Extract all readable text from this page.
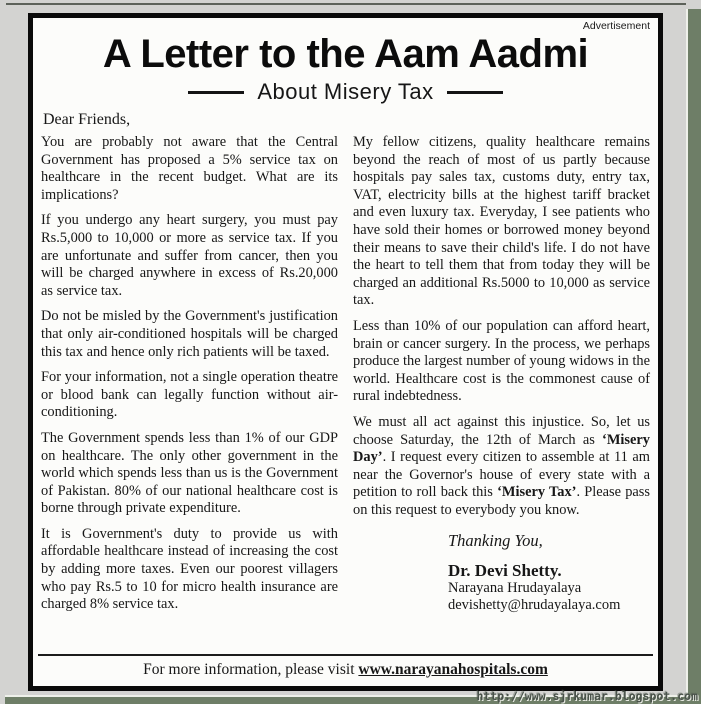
Advertisement
A Letter to the Aam Aadmi
About Misery Tax
Dear Friends,

You are probably not aware that the Central Government has proposed a 5% service tax on healthcare in the recent budget. What are its implications?

If you undergo any heart surgery, you must pay Rs.5,000 to 10,000 or more as service tax. If you are unfortunate and suffer from cancer, then you will be charged anywhere in excess of Rs.20,000 as service tax.

Do not be misled by the Government's justification that only air-conditioned hospitals will be charged this tax and hence only rich patients will be taxed.

For your information, not a single operation theatre or blood bank can legally function without air-conditioning.

The Government spends less than 1% of our GDP on healthcare. The only other government in the world which spends less than us is the Government of Pakistan. 80% of our national healthcare cost is borne through private expenditure.

It is Government's duty to provide us with affordable healthcare instead of increasing the cost by adding more taxes. Even our poorest villagers who pay Rs.5 to 10 for micro health insurance are charged 8% service tax.

My fellow citizens, quality healthcare remains beyond the reach of most of us partly because hospitals pay sales tax, customs duty, entry tax, VAT, electricity bills at the highest tariff bracket and even luxury tax. Everyday, I see patients who have sold their homes or borrowed money beyond their means to save their child's life. I do not have the heart to tell them that from today they will be charged an additional Rs.5000 to 10,000 as service tax.

Less than 10% of our population can afford heart, brain or cancer surgery. In the process, we perhaps produce the largest number of young widows in the world. Healthcare cost is the commonest cause of rural indebtedness.

We must all act against this injustice. So, let us choose Saturday, the 12th of March as ‘Misery Day’. I request every citizen to assemble at 11 am near the Governor's house of every state with a petition to roll back this ‘Misery Tax’. Please pass on this request to everybody you know.

Thanking You,
Dr. Devi Shetty.
Narayana Hrudayalaya
devishetty@hrudayalaya.com
For more information, please visit www.narayanahospitals.com
http://www.sjrkumar.blogspot.com
